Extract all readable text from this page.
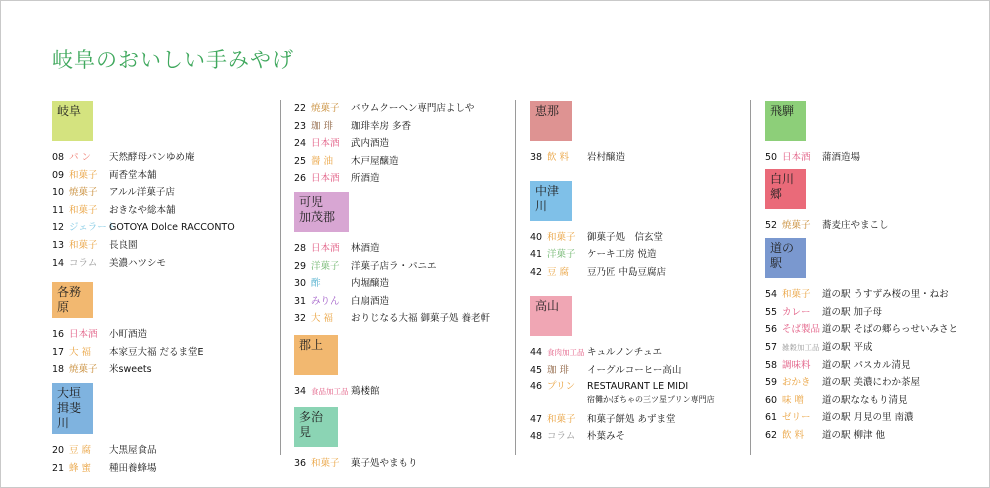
岐阜のおいしい手みやげ
岐阜
08 パ ン 天然酵母パンゆめ庵
09 和菓子 両香堂本舗
10 焼菓子 アルル洋菓子店
11 和菓子 おきなや総本舗
12 ジェラートGOTOYA Dolce RACCONTO
13 和菓子 長良園
14 コラム 美濃ハツシモ
各務原
16 日本酒 小町酒造
17 大 福 本家豆大福 だるま堂E
18 焼菓子 米sweets
大垣
揖斐川
20 豆 腐 大黒屋食品
21 蜂 蜜 種田養蜂場
22 焼菓子 バウムクーヘン専門店よしや
23 珈 琲 珈琲幸房 多香
24 日本酒 武内酒造
25 醤 油 木戸屋醸造
26 日本酒 所酒造
可児
加茂郡
28 日本酒 林酒造
29 洋菓子 洋菓子店ラ・パニエ
30 酢	内堀醸造
31 みりん 白扇酒造
32 大 福 おりじなる大福 御菓子処 養老軒
郡上
34 食品加工品 鶏楼館
多治見
36 和菓子 菓子処やまもり
恵那
38 飲 料 岩村醸造
中津川
40 和菓子 御菓子処　信玄堂
41 洋菓子 ケーキ工房 悦造
42 豆 腐 豆乃匠 中島豆腐店
高山
44 食肉加工品 キュルノンチュエ
45 珈 琲 イーグルコーヒー高山
46 プリン RESTAURANT LE MIDI
宿儺かぼちゃの三ツ星プリン専門店
47 和菓子 和菓子餅処 あずま堂
48 コラム 朴葉みそ
飛騨
50 日本酒 蒲酒造場
白川郷
52 焼菓子 蕎麦庄やまこし
道の駅
54 和菓子 道の駅 うすずみ桜の里・ねお
55 カレー 道の駅 加子母
56 そば製品 道の駅 そばの郷らっせいみさと
57 雑穀加工品 道の駅 平成
58 調味料 道の駅 パスカル清見
59 おかき 道の駅 美濃にわか茶屋
60 味 噌 道の駅ななもり清見
61 ゼリー 道の駅 月見の里 南濃
62 飲 料 道の駅 柳津 他
